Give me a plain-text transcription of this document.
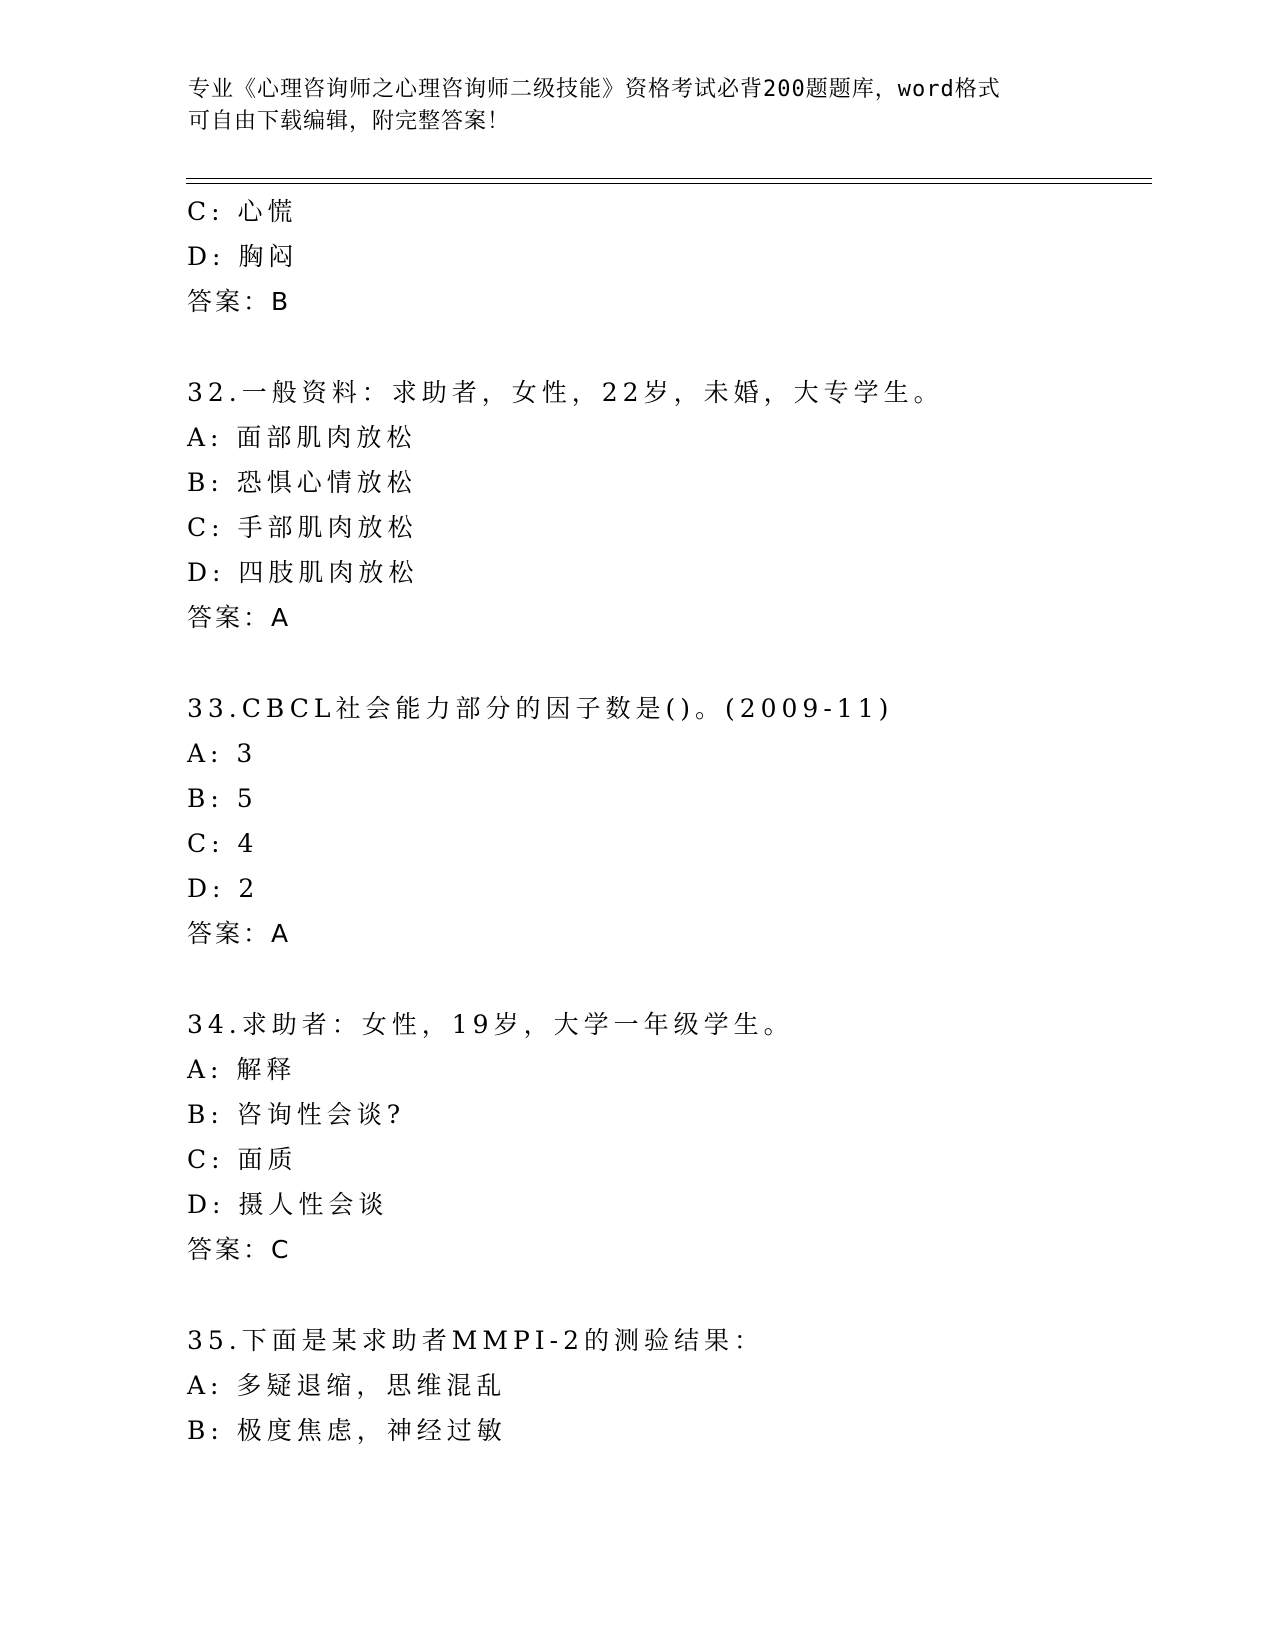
专业《心理咨询师之心理咨询师二级技能》资格考试必背200题题库，word格式
可自由下载编辑，附完整答案！
C: 心慌
D: 胸闷
答案：B
32.一般资料：求助者，女性，22岁，未婚，大专学生。
A: 面部肌肉放松
B: 恐惧心情放松
C: 手部肌肉放松
D: 四肢肌肉放松
答案：A
33.CBCL社会能力部分的因子数是()。(2009-11)
A: 3
B: 5
C: 4
D: 2
答案：A
34.求助者：女性，19岁，大学一年级学生。
A: 解释
B: 咨询性会谈?
C: 面质
D: 摄人性会谈
答案：C
35.下面是某求助者MMPI-2的测验结果：
A: 多疑退缩，思维混乱
B: 极度焦虑，神经过敏
